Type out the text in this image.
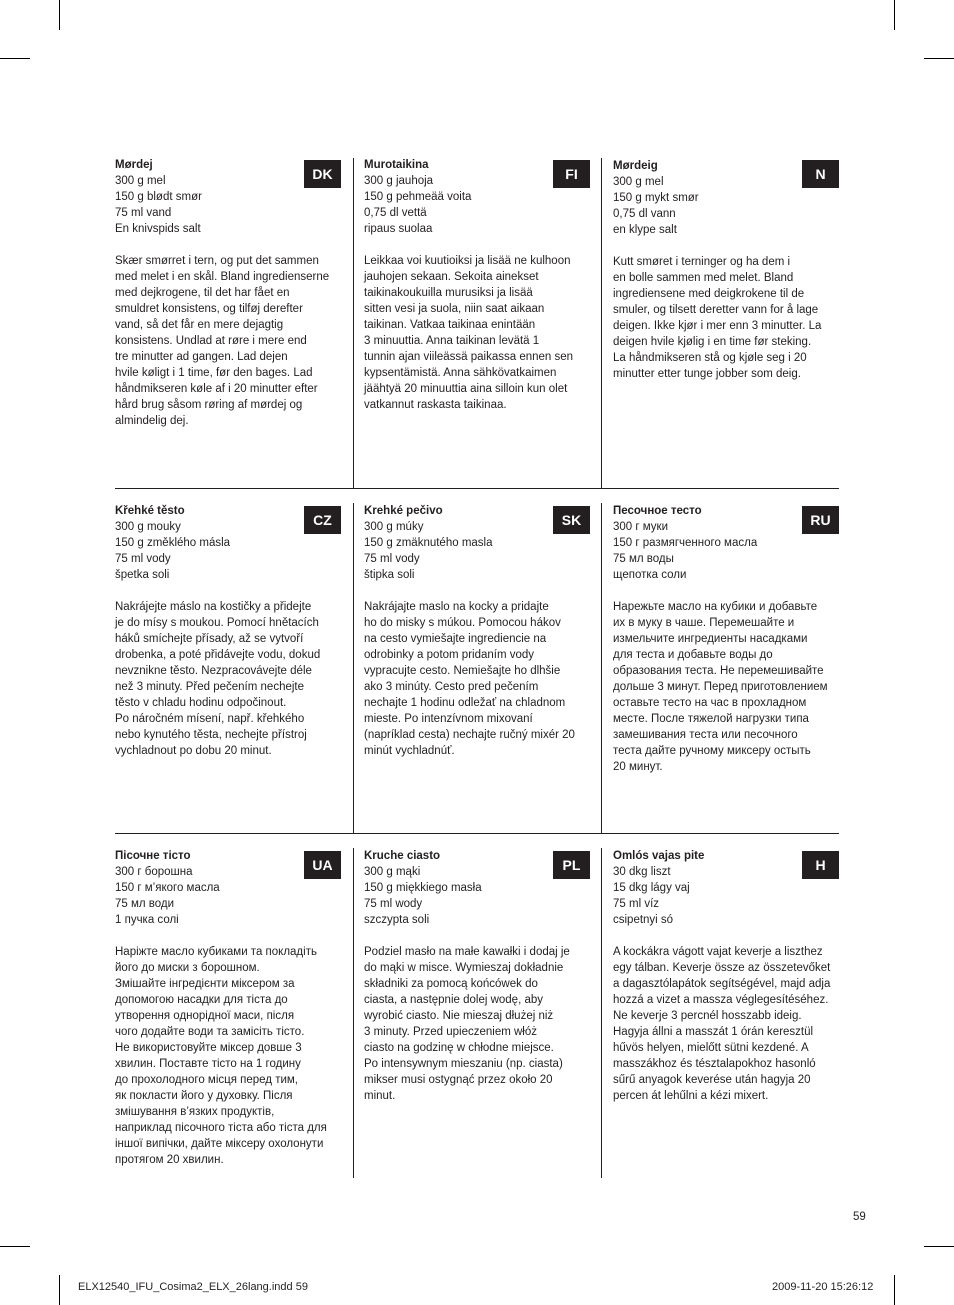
Mørdej
300 g mel
150 g blødt smør
75 ml vand
En knivspids salt
Skær smørret i tern, og put det sammen
med melet i en skål. Bland ingredienserne
med dejkrogene, til det har fået en
smuldret konsistens, og tilføj derefter
vand, så det får en mere dejagtig
konsistens. Undlad at røre i mere end
tre minutter ad gangen. Lad dejen
hvile køligt i 1 time, før den bages. Lad
håndmikseren køle af i 20 minutter efter
hård brug såsom røring af mørdej og
almindelig dej.
DK
Murotaikina
300 g jauhoja
150 g pehmeää voita
0,75 dl vettä
ripaus suolaa
Leikkaa voi kuutioiksi ja lisää ne kulhoon
jauhojen sekaan. Sekoita ainekset
taikinakoukuilla murusiksi ja lisää
sitten vesi ja suola, niin saat aikaan
taikinan. Vatkaa taikinaa enintään
3 minuuttia. Anna taikinan levätä 1
tunnin ajan viileässä paikassa ennen sen
kypsentämistä. Anna sähkövatkaimen
jäähtyä 20 minuuttia aina silloin kun olet
vatkannut raskasta taikinaa.
FI	Mørdeig
300 g mel
150 g mykt smør
0,75 dl vann
en klype salt
Kutt smøret i terninger og ha dem i
en bolle sammen med melet. Bland
ingrediensene med deigkrokene til de
smuler, og tilsett deretter vann for å lage
deigen. Ikke kjør i mer enn 3 minutter. La
deigen hvile kjølig i en time før steking.
La håndmikseren stå og kjøle seg i 20
minutter etter tunge jobber som deig.
N
Křehké těsto
300 g mouky
150 g změklého másla
75 ml vody
špetka soli
Nakrájejte máslo na kostičky a přidejte
je do mísy s moukou. Pomocí hnětacích
háků smíchejte přísady, až se vytvoří
drobenka, a poté přidávejte vodu, dokud
nevznikne těsto. Nezpracovávejte déle
než 3 minuty. Před pečením nechejte
těsto v chladu hodinu odpočinout.
Po náročném mísení, např. křehkého
nebo kynutého těsta, nechejte přístroj
vychladnout po dobu 20 minut.
CZ
Krehké pečivo
300 g múky
150 g zmäknutého masla
75 ml vody
štipka soli
Nakrájajte maslo na kocky a pridajte
ho do misky s múkou. Pomocou hákov
na cesto vymiešajte ingrediencie na
odrobinky a potom pridaním vody
vypracujte cesto. Nemiešajte ho dlhšie
ako 3 minúty. Cesto pred pečením
nechajte 1 hodinu odležať na chladnom
mieste. Po intenzívnom mixovaní
(napríklad cesta) nechajte ručný mixér 20
minút vychladnúť.
SK
Песочное тесто
300 г муки
150 г размягченного масла
75 мл воды
щепотка соли
Нарежьте масло на кубики и добавьте
их в муку в чаше. Перемешайте и
измельчите ингредиенты насадками
для теста и добавьте воды до
образования теста. Не перемешивайте
дольше 3 минут. Перед приготовлением
оставьте тесто на час в прохладном
месте. После тяжелой нагрузки типа
замешивания теста или песочного
теста дайте ручному миксеру остыть
20 минут.
RU
Пісочне тісто
300 г борошна
150 г м’якого масла
75 мл води
1 пучка солі
Наріжте масло кубиками та покладіть
його до миски з борошном.
Змішайте інгредієнти міксером за
допомогою насадки для тіста до
утворення однорідної маси, після
чого додайте води та замісіть тісто.
Не використовуйте міксер довше 3
хвилин. Поставте тісто на 1 годину
до прохолодного місця перед тим,
як покласти його у духовку. Після
змішування в’язких продуктів,
наприклад пісочного тіста або тіста для
іншої випічки, дайте міксеру охолонути
протягом 20 хвилин.
UA
Kruche ciasto
300 g mąki
150 g miękkiego masła
75 ml wody
szczypta soli
Podziel masło na małe kawałki i dodaj je
do mąki w misce. Wymieszaj dokładnie
składniki za pomocą końcówek do
ciasta, a następnie dolej wodę, aby
wyrobić ciasto. Nie mieszaj dłużej niż
3 minuty. Przed upieczeniem włóż
ciasto na godzinę w chłodne miejsce.
Po intensywnym mieszaniu (np. ciasta)
mikser musi ostygnąć przez około 20
minut.
PL
Omlós vajas pite
30 dkg liszt
15 dkg lágy vaj
75 ml víz
csipetnyi só
A kockákra vágott vajat keverje a liszthez
egy tálban. Keverje össze az összetevőket
a dagasztólapátok segítségével, majd adja
hozzá a vizet a massza véglegesítéséhez.
Ne keverje 3 percnél hosszabb ideig.
Hagyja állni a masszát 1 órán keresztül
hűvös helyen, mielőtt sütni kezdené. A
masszákhoz és tésztalapokhoz hasonló
sűrű anyagok keverése után hagyja 20
percen át lehűlni a kézi mixert.
H
59
ELX12540_IFU_Cosima2_ELX_26lang.indd 59	2009-11-20 15:26:12
